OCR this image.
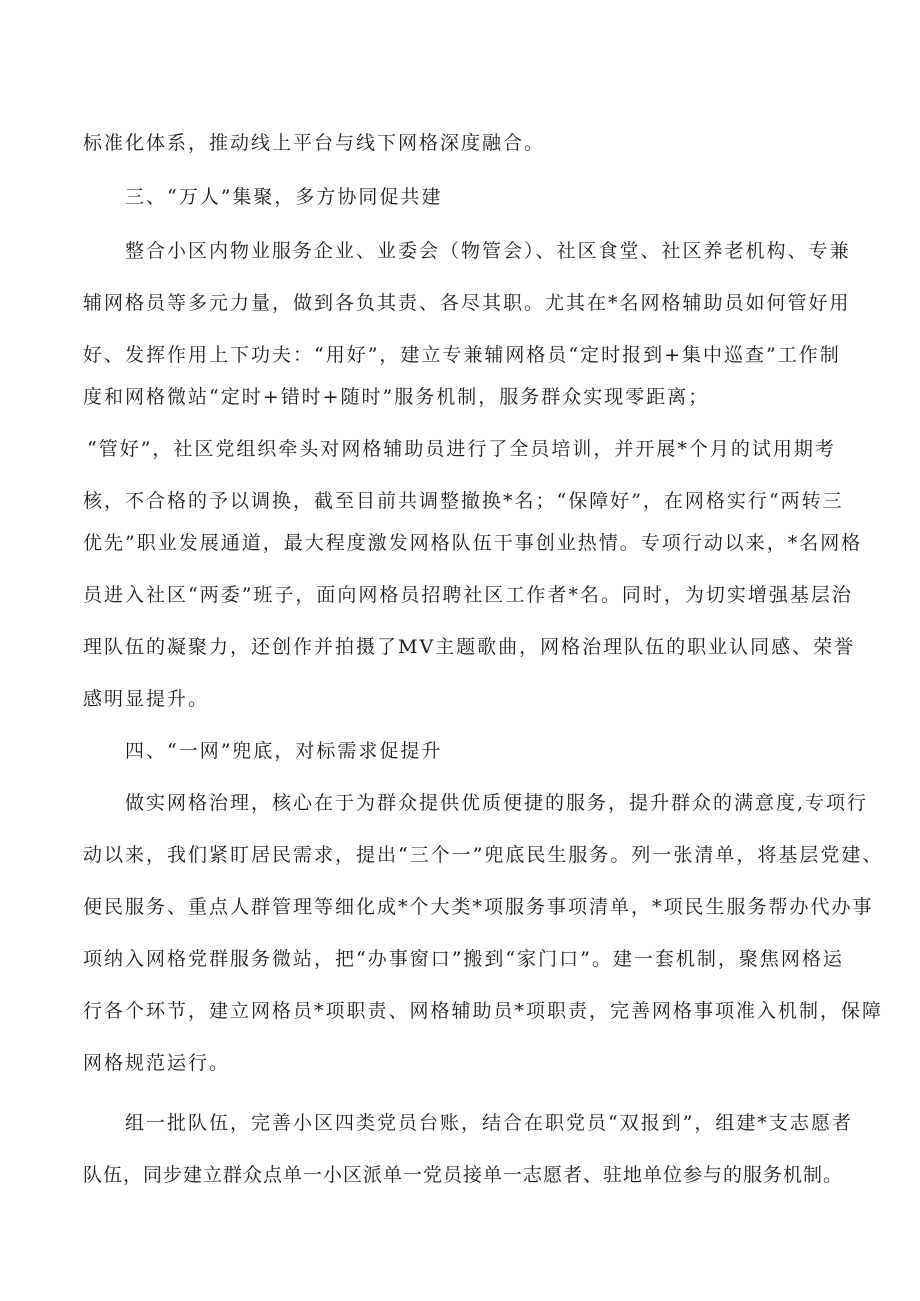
标准化体系，推动线上平台与线下网格深度融合。
三、“万人”集聚，多方协同促共建
整合小区内物业服务企业、业委会（物管会）、社区食堂、社区养老机构、专兼
辅网格员等多元力量，做到各负其责、各尽其职。尤其在*名网格辅助员如何管好用
好、发挥作用上下功夫：“用好”，建立专兼辅网格员“定时报到+集中巡查”工作制
度和网格微站“定时+错时+随时”服务机制，服务群众实现零距离；
“管好”，社区党组织牵头对网格辅助员进行了全员培训，并开展*个月的试用期考
核，不合格的予以调换，截至目前共调整撤换*名；“保障好”，在网格实行“两转三
优先”职业发展通道，最大程度激发网格队伍干事创业热情。专项行动以来，*名网格
员进入社区“两委”班子，面向网格员招聘社区工作者*名。同时，为切实增强基层治
理队伍的凝聚力，还创作并拍摄了MV主题歌曲，网格治理队伍的职业认同感、荣誉
感明显提升。
四、“一网”兜底，对标需求促提升
做实网格治理，核心在于为群众提供优质便捷的服务，提升群众的满意度,专项行
动以来，我们紧盯居民需求，提出“三个一”兜底民生服务。列一张清单，将基层党建、
便民服务、重点人群管理等细化成*个大类*项服务事项清单，*项民生服务帮办代办事
项纳入网格党群服务微站，把“办事窗口”搬到“家门口”。建一套机制，聚焦网格运
行各个环节，建立网格员*项职责、网格辅助员*项职责，完善网格事项准入机制，保障
网格规范运行。
组一批队伍，完善小区四类党员台账，结合在职党员“双报到”，组建*支志愿者
队伍，同步建立群众点单一小区派单一党员接单一志愿者、驻地单位参与的服务机制。
